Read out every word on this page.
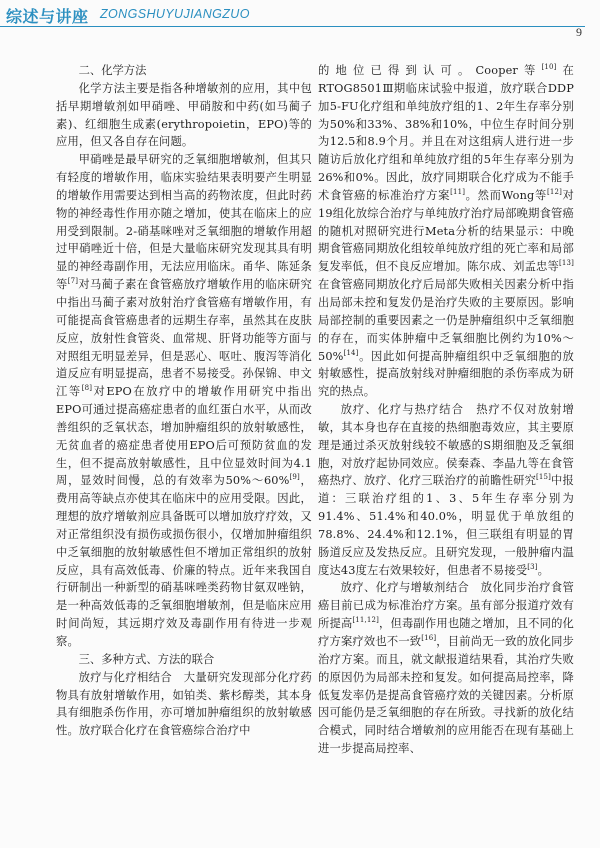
综述与讲座 ZONGSHUYUJIANGZUO
9

二、化学方法

化学方法主要是指各种增敏剂的应用，其中包括早期增敏剂如甲硝唑、甲硝胺和中药(如马蔺子素)、红细胞生成素(erythropoietin，EPO)等的应用，但又各自存在问题。

甲硝唑是最早研究的乏氧细胞增敏剂，但其只有轻度的增敏作用，临床实验结果表明要产生明显的增敏作用需要达到相当高的药物浓度，但此时药物的神经毒性作用亦随之增加，使其在临床上的应用受到限制。2-硝基咪唑对乏氧细胞的增敏作用超过甲硝唑近十倍，但是大量临床研究发现其具有明显的神经毒副作用，无法应用临床。甬华、陈延条等[7]对马蔺子素在食管癌放疗增敏作用的临床研究中指出马蔺子素对放射治疗食管癌有增敏作用，有可能提高食管癌患者的远期生存率，虽然其在皮肤反应，放射性食管炎、血常规、肝肾功能等方面与对照组无明显差异，但是恶心、呕吐、腹泻等消化道反应有明显提高，患者不易接受。孙保锦、申文江等[8]对EPO在放疗中的增敏作用研究中指出EPO可通过提高癌症患者的血红蛋白水平，从而改善组织的乏氧状态，增加肿瘤组织的放射敏感性，无贫血者的癌症患者使用EPO后可预防贫血的发生，但不提高放射敏感性，且中位显效时间为4.1周，显效时间慢，总的有效率为50%～60%[9]，费用高等缺点亦使其在临床中的应用受限。因此，理想的放疗增敏剂应具备既可以增加放疗疗效，又对正常组织没有损伤或损伤很小，仅增加肿瘤组织中乏氧细胞的放射敏感性但不增加正常组织的放射反应，具有高效低毒、价廉的特点。近年来我国自行研制出一种新型的硝基咪唑类药物甘氨双唑钠，是一种高效低毒的乏氧细胞增敏剂，但是临床应用时间尚短，其远期疗效及毒副作用有待进一步观察。

三、多种方式、方法的联合

放疗与化疗相结合　大量研究发现部分化疗药物具有放射增敏作用，如铂类、紫杉醇类，其本身具有细胞杀伤作用，亦可增加肿瘤组织的放射敏感性。放疗联合化疗在食管癌综合治疗中

的地位已得到认可。Cooper等[10]在RTOG8501Ⅲ期临床试验中报道，放疗联合DDP加5-FU化疗组和单纯放疗组的1、2年生存率分别为50%和33%、38%和10%，中位生存时间分别为12.5和8.9个月。并且在对这组病人进行进一步随访后放化疗组和单纯放疗组的5年生存率分别为26%和0%。因此，放疗同期联合化疗成为不能手术食管癌的标准治疗方案[11]。然而Wong等[12]对19组化放综合治疗与单纯放疗治疗局部晚期食管癌的随机对照研究进行Meta分析的结果显示：中晚期食管癌同期放化组较单纯放疗组的死亡率和局部复发率低，但不良反应增加。陈尔成、刘孟忠等[13]在食管癌同期放化疗后局部失败相关因素分析中指出局部未控和复发仍是治疗失败的主要原因。影响局部控制的重要因素之一仍是肿瘤组织中乏氧细胞的存在，而实体肿瘤中乏氧细胞比例约为10%～50%[14]。因此如何提高肿瘤组织中乏氧细胞的放射敏感性，提高放射线对肿瘤细胞的杀伤率成为研究的热点。

放疗、化疗与热疗结合　热疗不仅对放射增敏，其本身也存在直接的热细胞毒效应，其主要原理是通过杀灭放射线较不敏感的S期细胞及乏氧细胞，对放疗起协同效应。侯秦森、李晶九等在食管癌热疗、放疗、化疗三联治疗的前瞻性研究[15]中报道：三联治疗组的1、3、5年生存率分别为91.4%、51.4%和40.0%，明显优于单放组的78.8%、24.4%和12.1%，但三联组有明显的胃肠道反应及发热反应。且研究发现，一般肿瘤内温度达43度左右效果较好，但患者不易接受[3]。

放疗、化疗与增敏剂结合　放化同步治疗食管癌目前已成为标准治疗方案。虽有部分报道疗效有所提高[11,12]，但毒副作用也随之增加，且不同的化疗方案疗效也不一致[16]，目前尚无一致的放化同步治疗方案。而且，就文献报道结果看，其治疗失败的原因仍为局部未控和复发。如何提高局控率，降低复发率仍是提高食管癌疗效的关键因素。分析原因可能仍是乏氧细胞的存在所致。寻找新的放化结合模式，同时结合增敏剂的应用能否在现有基础上进一步提高局控率、
